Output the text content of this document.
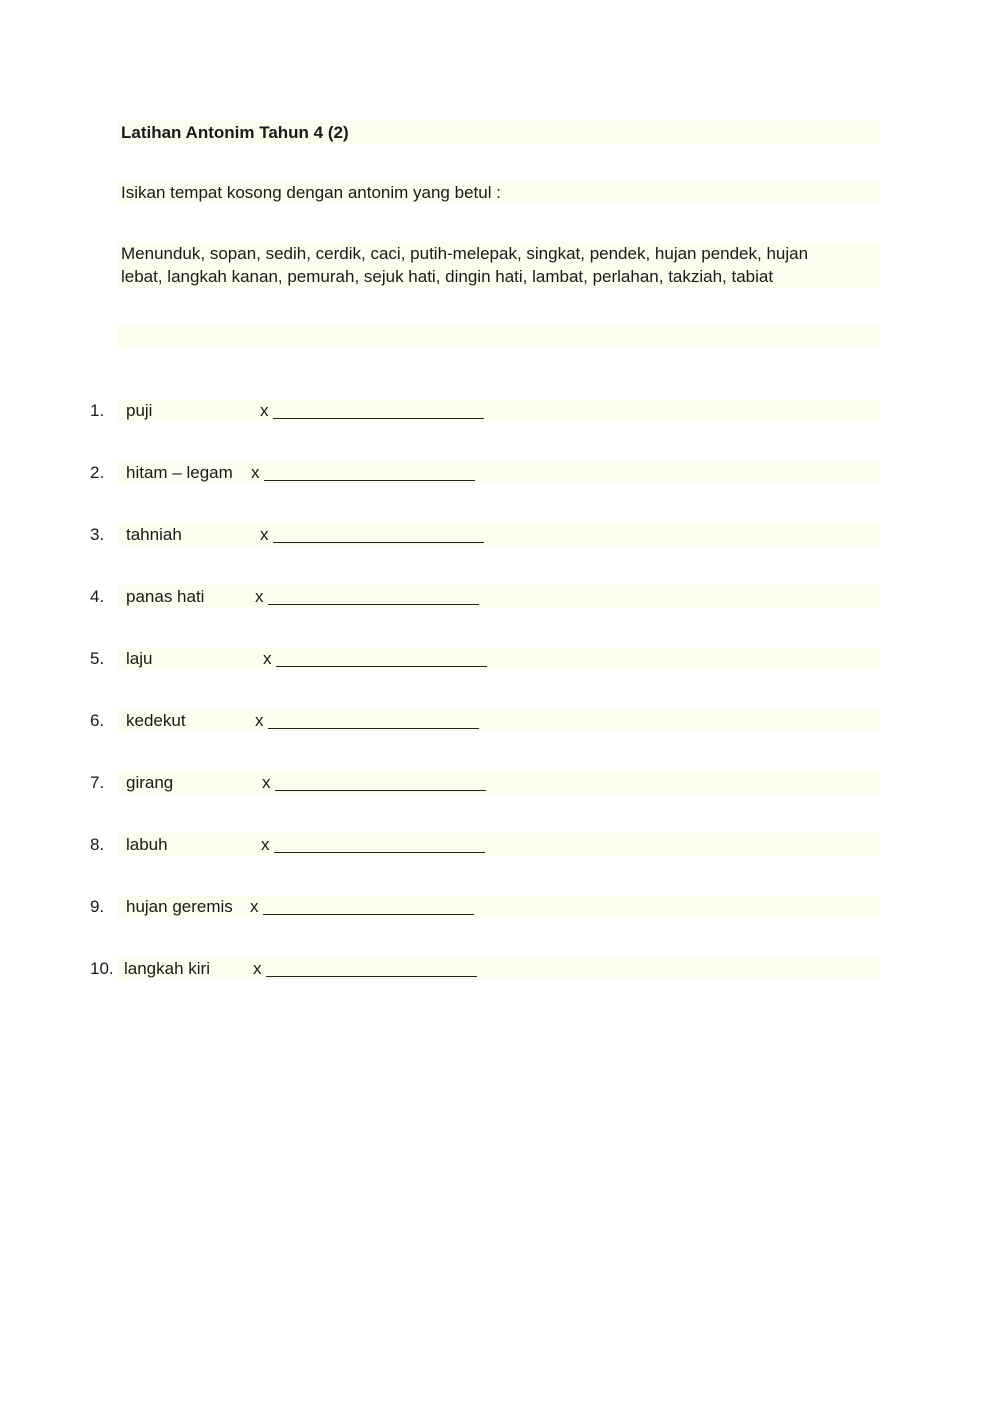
Latihan Antonim Tahun 4 (2)
Isikan tempat kosong dengan antonim yang betul :
Menunduk, sopan, sedih, cerdik, caci, putih-melepak, singkat, pendek, hujan pendek, hujan
lebat, langkah kanan, pemurah, sejuk hati, dingin hati, lambat, perlahan, takziah, tabiat
1. puji	x
2. hitam – legam x
3. tahniah	x
4. panas hati	x
5. laju	x
6. kedekut	x
7. girang	x
8. labuh	x
9. hujan geremis x
10. langkah kiri	x
